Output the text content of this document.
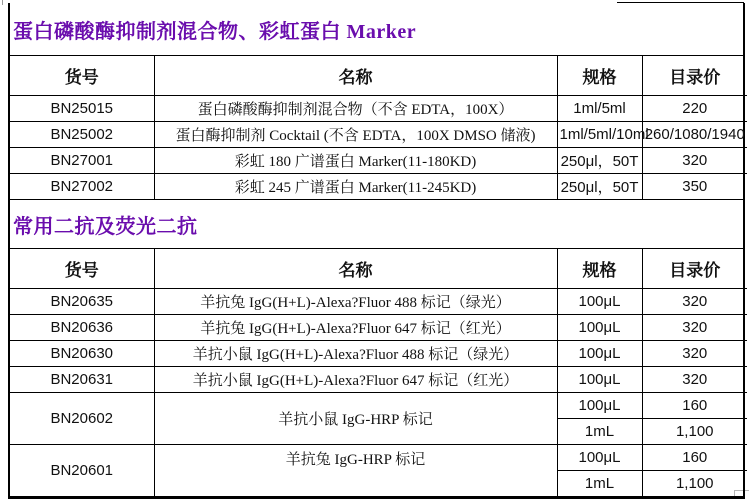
蛋白磷酸酶抑制剂混合物、彩虹蛋白 Marker
货号	名称	规格	目录价
BN25015	蛋白磷酸酶抑制剂混合物（不含 EDTA，100X）	1ml/5ml	220
BN25002	蛋白酶抑制剂 Cocktail (不含 EDTA，100X DMSO 储液)	1ml/5ml/10ml	260/1080/1940
BN27001	彩虹 180 广谱蛋白 Marker(11-180KD)	250μl，50T	320
BN27002	彩虹 245 广谱蛋白 Marker(11-245KD)	250μl，50T	350
常用二抗及荧光二抗
货号	名称	规格	目录价
BN20635	羊抗兔 IgG(H+L)-Alexa?Fluor 488 标记（绿光）	100μL	320
BN20636	羊抗兔 IgG(H+L)-Alexa?Fluor 647 标记（红光）	100μL	320
BN20630	羊抗小鼠 IgG(H+L)-Alexa?Fluor 488 标记（绿光）	100μL	320
BN20631	羊抗小鼠 IgG(H+L)-Alexa?Fluor 647 标记（红光）	100μL	320
BN20602	羊抗小鼠 IgG-HRP 标记	100μL	160
		1mL	1,100
BN20601	羊抗兔 IgG-HRP 标记	100μL	160
		1mL	1,100
